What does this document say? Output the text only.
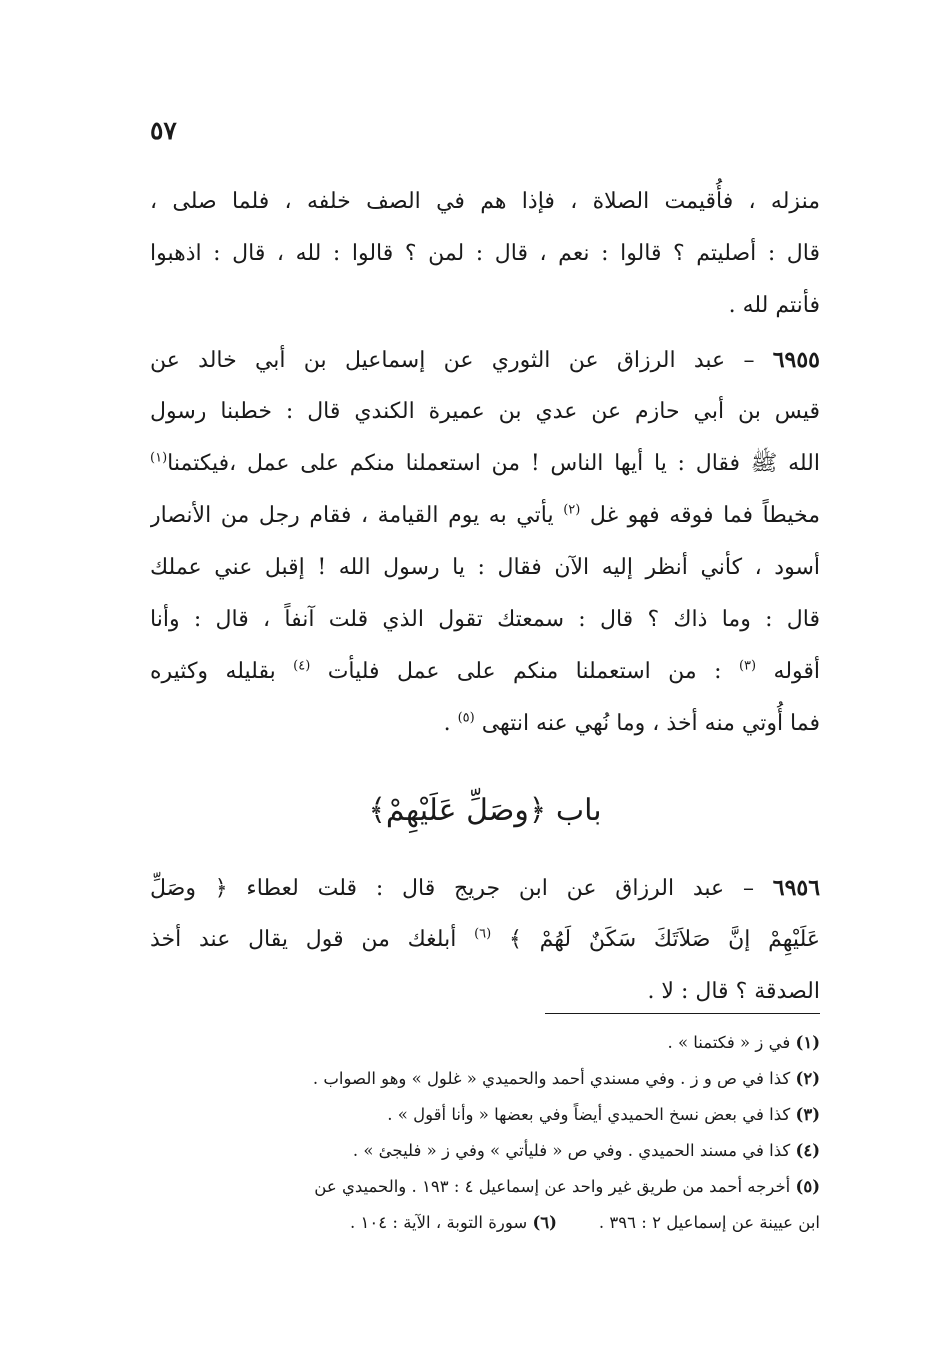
٥٧
منزله ، فأُقيمت الصلاة ، فإذا هم في الصف خلفه ، فلما صلى ،
قال : أصليتم ؟ قالوا : نعم ، قال : لمن ؟ قالوا : لله ، قال : اذهبوا
فأنتم لله .
٦٩٥٥ – عبد الرزاق عن الثوري عن إسماعيل بن أبي خالد عن
قيس بن أبي حازم عن عدي بن عميرة الكندي قال : خطبنا رسول
الله ﷺ فقال : يا أيها الناس ! من استعملنا منكم على عمل ،فيكتمنا$^{(١)}$
مخيطاً فما فوقه فهو غل $^{(٢)}$ يأتي به يوم القيامة ، فقام رجل من الأنصار
أسود ، كأني أنظر إليه الآن فقال : يا رسول الله ! إقبل عني عملك
قال : وما ذاك ؟ قال : سمعتك تقول الذي قلت آنفاً ، قال : وأنا
أقوله $^{(٣)}$ : من استعملنا منكم على عمل فليأت $^{(٤)}$ بقليله وكثيره
فما أُوتي منه أخذ ، وما نُهي عنه انتهى $^{(٥)}$ .
باب ﴿وصَلِّ عَلَيْهِمْ﴾
٦٩٥٦ – عبد الرزاق عن ابن جريج قال : قلت لعطاء ﴿ وصَلِّ
عَلَيْهِمْ إنَّ صَلاَتَكَ سَكَنٌ لَهُمْ ﴾ $^{(٦)}$ أبلغك من قول يقال عند أخذ
الصدقة ؟ قال : لا .
(١) في ز « فكتمنا » .
(٢) كذا في ص و ز . وفي مسندي أحمد والحميدي « غلول » وهو الصواب .
(٣) كذا في بعض نسخ الحميدي أيضاً وفي بعضها « وأنا أقول » .
(٤) كذا في مسند الحميدي . وفي ص « فليأتي » وفي ز « فليجئ » .
(٥) أخرجه أحمد من طريق غير واحد عن إسماعيل ٤ : ١٩٣ . والحميدي عن
ابن عيينة عن إسماعيل ٢ : ٣٩٦ .        (٦) سورة التوبة ، الآية : ١٠٤ .
